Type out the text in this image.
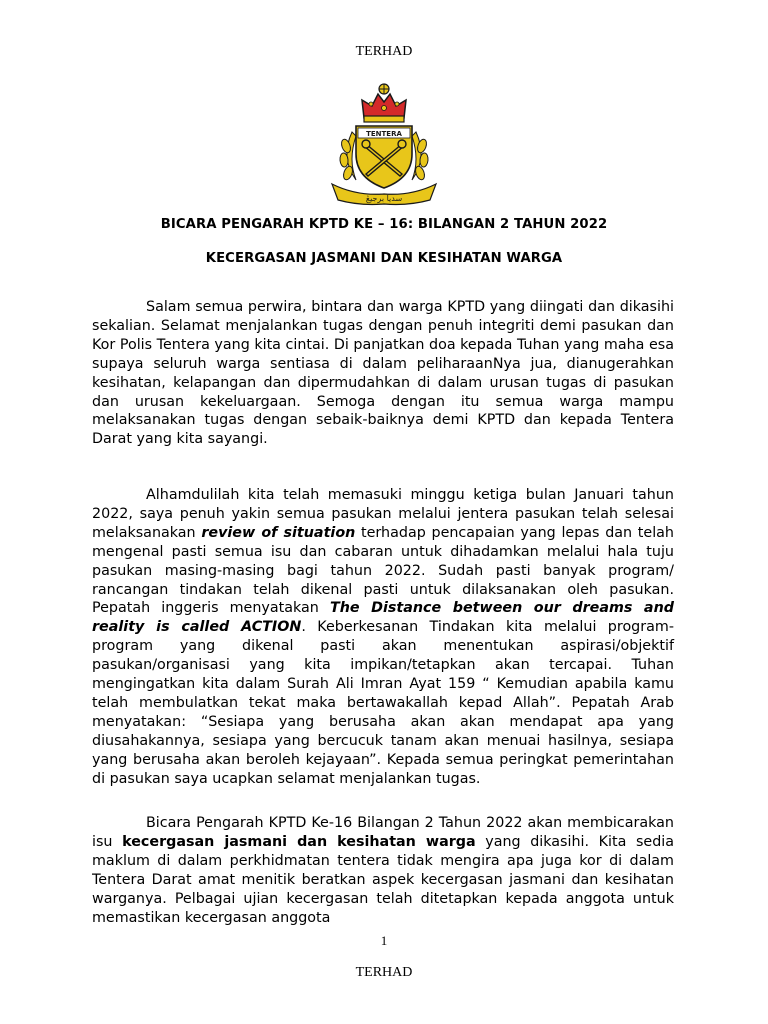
TERHAD
TENTERA
سديا برجيڠ
BICARA PENGARAH KPTD KE – 16: BILANGAN 2 TAHUN 2022
KECERGASAN JASMANI DAN KESIHATAN WARGA

Salam semua perwira, bintara dan warga KPTD yang diingati dan dikasihi sekalian. Selamat menjalankan tugas dengan penuh integriti demi pasukan dan Kor Polis Tentera yang kita cintai. Di panjatkan doa kepada Tuhan yang maha esa supaya seluruh warga sentiasa di dalam peliharaanNya jua, dianugerahkan kesihatan, kelapangan dan dipermudahkan di dalam urusan tugas di pasukan dan urusan kekeluargaan. Semoga dengan itu semua warga mampu melaksanakan tugas dengan sebaik-baiknya demi KPTD dan kepada Tentera Darat yang kita sayangi.

Alhamdulilah kita telah memasuki minggu ketiga bulan Januari tahun 2022, saya penuh yakin semua pasukan melalui jentera pasukan telah selesai melaksanakan review of situation terhadap pencapaian yang lepas dan telah mengenal pasti semua isu dan cabaran untuk dihadamkan melalui hala tuju pasukan masing-masing bagi tahun 2022. Sudah pasti banyak program/ rancangan tindakan telah dikenal pasti untuk dilaksanakan oleh pasukan. Pepatah inggeris menyatakan The Distance between our dreams and reality is called ACTION. Keberkesanan Tindakan kita melalui program-program yang dikenal pasti akan menentukan aspirasi/objektif pasukan/organisasi yang kita impikan/tetapkan akan tercapai. Tuhan mengingatkan kita dalam Surah Ali Imran Ayat 159 “ Kemudian apabila kamu telah membulatkan tekat maka bertawakallah kepad Allah”. Pepatah Arab menyatakan: “Sesiapa yang berusaha akan akan mendapat apa yang diusahakannya, sesiapa yang bercucuk tanam akan menuai hasilnya, sesiapa yang berusaha akan beroleh kejayaan”. Kepada semua peringkat pemerintahan di pasukan saya ucapkan selamat menjalankan tugas.

Bicara Pengarah KPTD Ke-16 Bilangan 2 Tahun 2022 akan membicarakan isu kecergasan jasmani dan kesihatan warga yang dikasihi. Kita sedia maklum di dalam perkhidmatan tentera tidak mengira apa juga kor di dalam Tentera Darat amat menitik beratkan aspek kecergasan jasmani dan kesihatan warganya. Pelbagai ujian kecergasan telah ditetapkan kepada anggota untuk memastikan kecergasan anggota

1
TERHAD
